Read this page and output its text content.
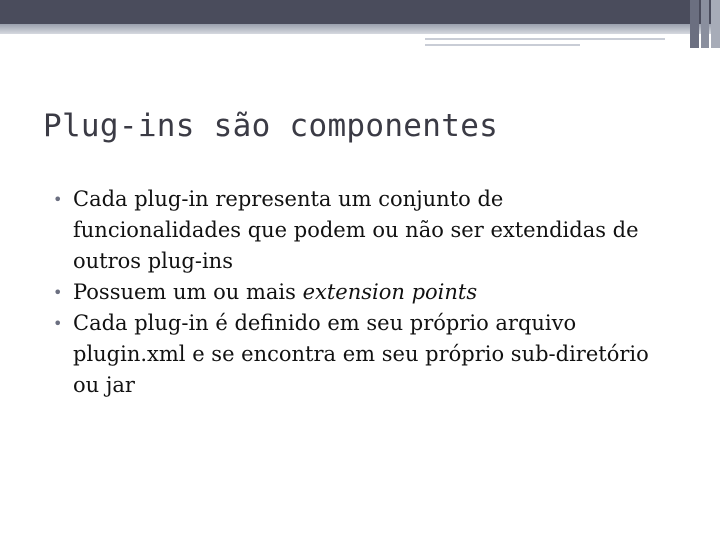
Plug-ins são componentes
• Cada plug-in representa um conjunto de funcionalidades que podem ou não ser extendidas de outros plug-ins
• Possuem um ou mais extension points
• Cada plug-in é definido em seu próprio arquivo plugin.xml e se encontra em seu próprio sub-diretório ou jar
